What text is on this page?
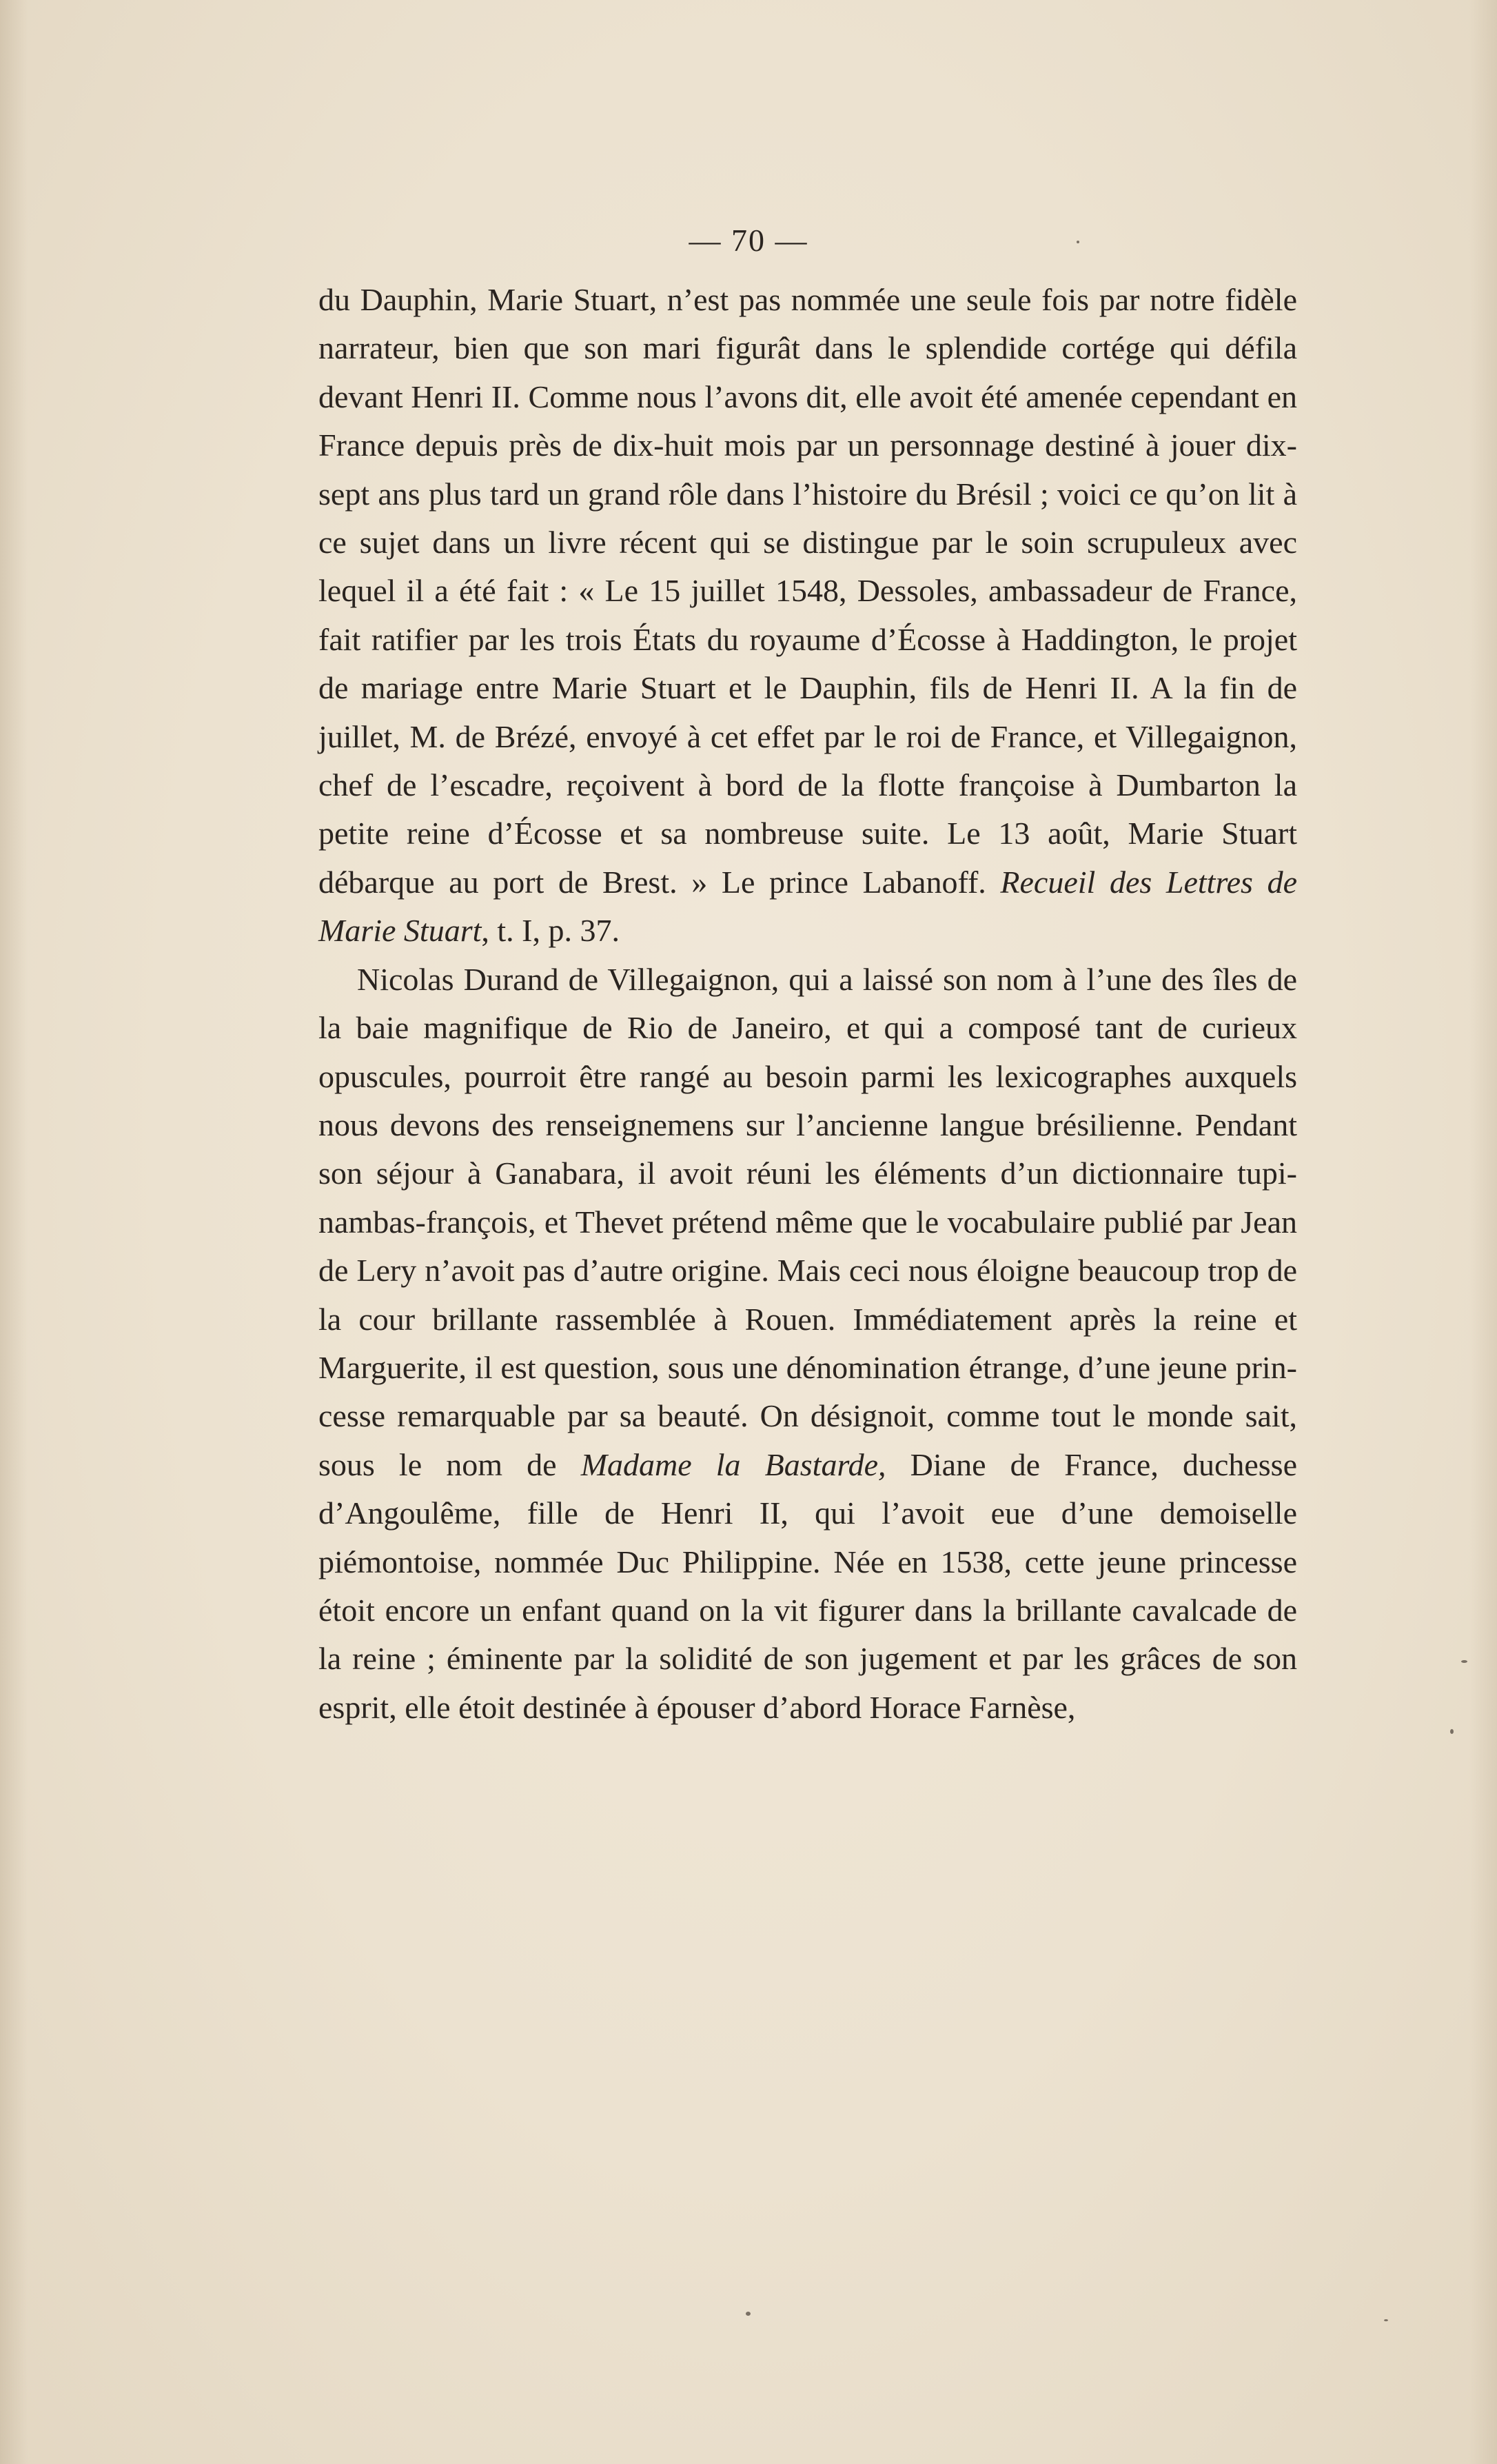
— 70 —

du Dauphin, Marie Stuart, n’est pas nommée une seule fois par notre fidèle narrateur, bien que son mari figurât dans le splendide cortége qui défila devant Henri II. Comme nous l’avons dit, elle avoit été amenée cependant en France depuis près de dix-huit mois par un personnage destiné à jouer dix-sept ans plus tard un grand rôle dans l’histoire du Brésil ; voici ce qu’on lit à ce sujet dans un livre récent qui se distingue par le soin scrupuleux avec lequel il a été fait : « Le 15 juillet 1548, Dessoles, ambassadeur de France, fait ratifier par les trois États du royaume d’Écosse à Haddington, le projet de mariage entre Marie Stuart et le Dauphin, fils de Henri II. A la fin de juillet, M. de Brézé, envoyé à cet effet par le roi de France, et Villegaignon, chef de l’escadre, reçoivent à bord de la flotte françoise à Dumbarton la petite reine d’Écosse et sa nombreuse suite. Le 13 août, Marie Stuart débarque au port de Brest. » Le prince Labanoff. Recueil des Lettres de Marie Stuart, t. I, p. 37.

Nicolas Durand de Villegaignon, qui a laissé son nom à l’une des îles de la baie magnifique de Rio de Janeiro, et qui a composé tant de curieux opuscules, pourroit être rangé au besoin parmi les lexicographes auxquels nous devons des renseignemens sur l’ancienne langue brésilienne. Pendant son séjour à Ganabara, il avoit réuni les éléments d’un dictionnaire tupinambas-françois, et Thevet prétend même que le vocabulaire publié par Jean de Lery n’avoit pas d’autre origine. Mais ceci nous éloigne beaucoup trop de la cour brillante rassemblée à Rouen. Immédiatement après la reine et Marguerite, il est question, sous une dénomination étrange, d’une jeune princesse remarquable par sa beauté. On désignoit, comme tout le monde sait, sous le nom de Madame la Bastarde, Diane de France, duchesse d’Angoulême, fille de Henri II, qui l’avoit eue d’une demoiselle piémontoise, nommée Duc Philippine. Née en 1538, cette jeune princesse étoit encore un enfant quand on la vit figurer dans la brillante cavalcade de la reine ; éminente par la solidité de son jugement et par les grâces de son esprit, elle étoit destinée à épouser d’abord Horace Farnèse,
